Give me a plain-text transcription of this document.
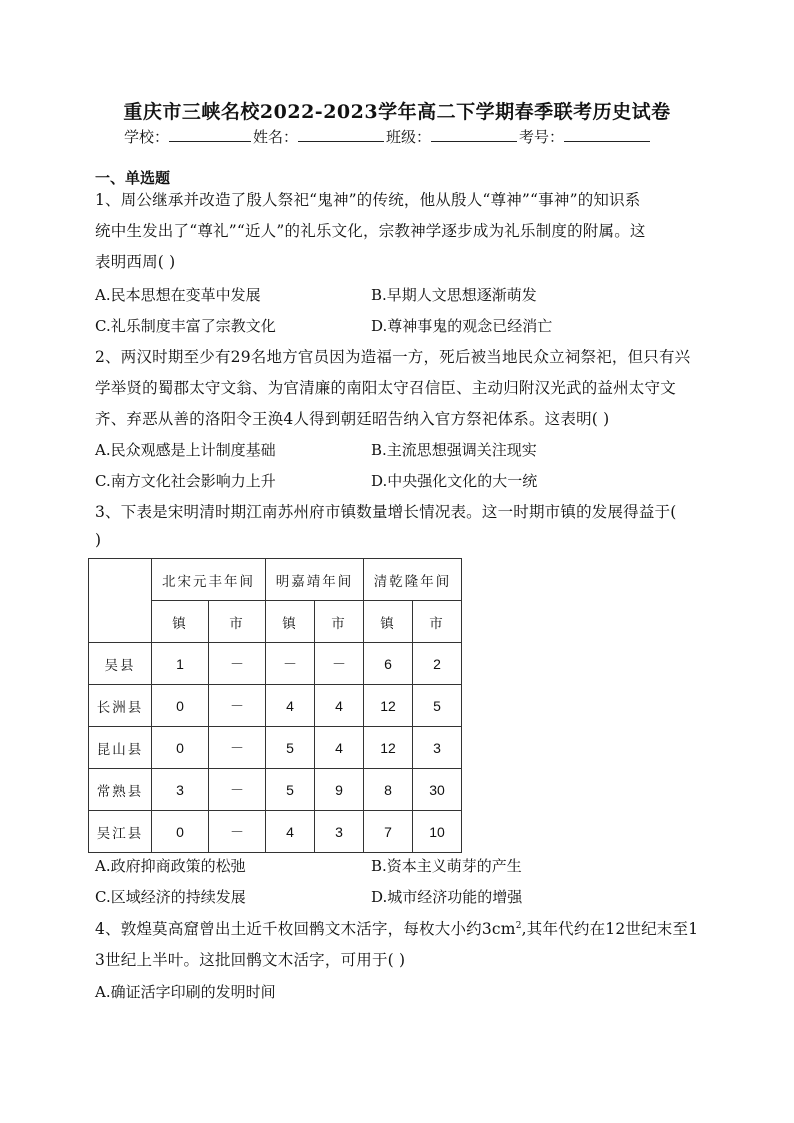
重庆市三峡名校2022-2023学年高二下学期春季联考历史试卷
学校：	姓名：	班级：	考号：
一、单选题
1、周公继承并改造了殷人祭祀“鬼神”的传统，他从殷人“尊神”“事神”的知识系
统中生发出了“尊礼”“近人”的礼乐文化，宗教神学逐步成为礼乐制度的附属。这
表明西周( )
A.民本思想在变革中发展	B.早期人文思想逐渐萌发
C.礼乐制度丰富了宗教文化	D.尊神事鬼的观念已经消亡
2、两汉时期至少有29名地方官员因为造福一方，死后被当地民众立祠祭祀，但只有兴
学举贤的蜀郡太守文翁、为官清廉的南阳太守召信臣、主动归附汉光武的益州太守文
齐、弃恶从善的洛阳令王涣4人得到朝廷昭告纳入官方祭祀体系。这表明( )
A.民众观感是上计制度基础	B.主流思想强调关注现实
C.南方文化社会影响力上升	D.中央强化文化的大一统
3、下表是宋明清时期江南苏州府市镇数量增长情况表。这一时期市镇的发展得益于(
)
	北宋元丰年间		明嘉靖年间		清乾隆年间	
	镇	市	镇	市	镇	市
吴县	1	－	－	－	6	2
长洲县	0	－	4	4	12	5
昆山县	0	－	5	4	12	3
常熟县	3	－	5	9	8	30
吴江县	0	－	4	3	7	10
A.政府抑商政策的松弛	B.资本主义萌芽的产生
C.区域经济的持续发展	D.城市经济功能的增强
4、敦煌莫高窟曾出土近千枚回鹘文木活字，每枚大小约$3cm^2$,其年代约在12世纪末至1
3世纪上半叶。这批回鹘文木活字，可用于( )
A.确证活字印刷的发明时间
